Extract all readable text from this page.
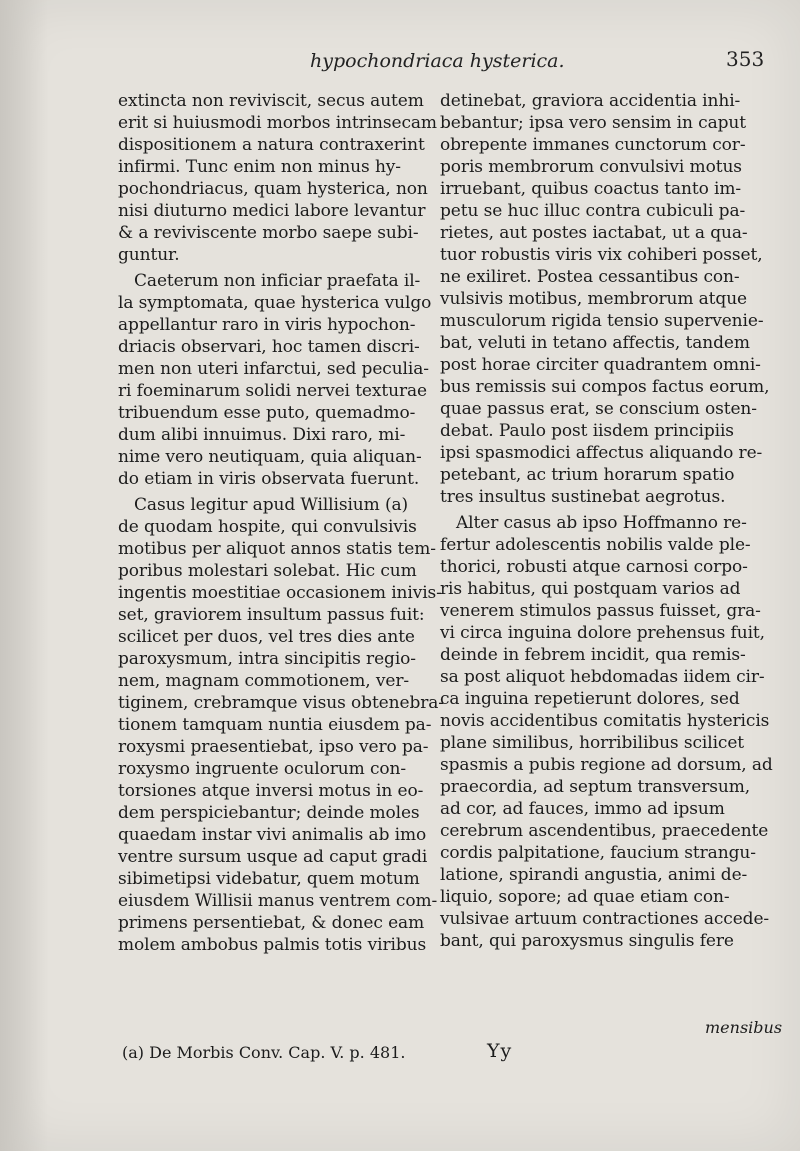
hypochondriaca hysterica.	353
extincta non reviviscit, secus autem
erit si huiusmodi morbos intrinsecam
dispositionem a natura contraxerint
infirmi. Tunc enim non minus hy-
pochondriacus, quam hysterica, non
nisi diuturno medici labore levantur
& a reviviscente morbo saepe subi-
guntur.
Caeterum non inficiar praefata il-
la symptomata, quae hysterica vulgo
appellantur raro in viris hypochon-
driacis observari, hoc tamen discri-
men non uteri infarctui, sed peculia-
ri foeminarum solidi nervei texturae
tribuendum esse puto, quemadmo-
dum alibi innuimus. Dixi raro, mi-
nime vero neutiquam, quia aliquan-
do etiam in viris observata fuerunt.
Casus legitur apud Willisium (a)
de quodam hospite, qui convulsivis
motibus per aliquot annos statis tem-
poribus molestari solebat. Hic cum
ingentis moestitiae occasionem inivis-
set, graviorem insultum passus fuit:
scilicet per duos, vel tres dies ante
paroxysmum, intra sincipitis regio-
nem, magnam commotionem, ver-
tiginem, crebramque visus obtenebra-
tionem tamquam nuntia eiusdem pa-
roxysmi praesentiebat, ipso vero pa-
roxysmo ingruente oculorum con-
torsiones atque inversi motus in eo-
dem perspiciebantur; deinde moles
quaedam instar vivi animalis ab imo
ventre sursum usque ad caput gradi
sibimetipsi videbatur, quem motum
eiusdem Willisii manus ventrem com-
primens persentiebat, & donec eam
molem ambobus palmis totis viribus
detinebat, graviora accidentia inhi-
bebantur; ipsa vero sensim in caput
obrepente immanes cunctorum cor-
poris membrorum convulsivi motus
irruebant, quibus coactus tanto im-
petu se huc illuc contra cubiculi pa-
rietes, aut postes iactabat, ut a qua-
tuor robustis viris vix cohiberi posset,
ne exiliret. Postea cessantibus con-
vulsivis motibus, membrorum atque
musculorum rigida tensio supervenie-
bat, veluti in tetano affectis, tandem
post horae circiter quadrantem omni-
bus remissis sui compos factus eorum,
quae passus erat, se conscium osten-
debat. Paulo post iisdem principiis
ipsi spasmodici affectus aliquando re-
petebant, ac trium horarum spatio
tres insultus sustinebat aegrotus.
Alter casus ab ipso Hoffmanno re-
fertur adolescentis nobilis valde ple-
thorici, robusti atque carnosi corpo-
ris habitus, qui postquam varios ad
venerem stimulos passus fuisset, gra-
vi circa inguina dolore prehensus fuit,
deinde in febrem incidit, qua remis-
sa post aliquot hebdomadas iidem cir-
ca inguina repetierunt dolores, sed
novis accidentibus comitatis hystericis
plane similibus, horribilibus scilicet
spasmis a pubis regione ad dorsum, ad
praecordia, ad septum transversum,
ad cor, ad fauces, immo ad ipsum
cerebrum ascendentibus, praecedente
cordis palpitatione, faucium strangu-
latione, spirandi angustia, animi de-
liquio, sopore; ad quae etiam con-
vulsivae artuum contractiones accede-
bant, qui paroxysmus singulis fere
mensibus
(a) De Morbis Conv. Cap. V. p. 481.	Yy
